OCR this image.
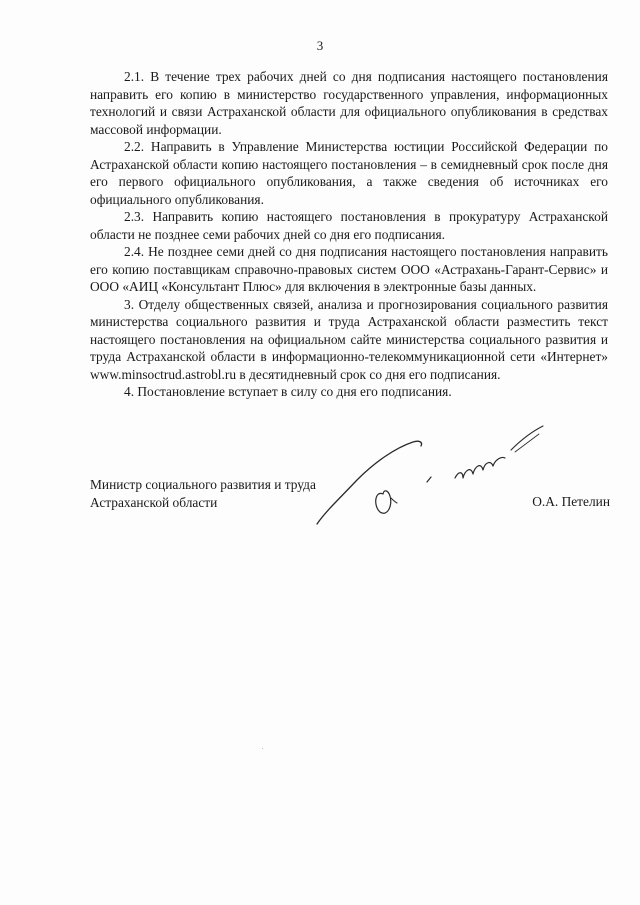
3

2.1. В течение трех рабочих дней со дня подписания настоящего постановления направить его копию в министерство государственного управления, информационных технологий и связи Астраханской области для официального опубликования в средствах массовой информации.

2.2. Направить в Управление Министерства юстиции Российской Федерации по Астраханской области копию настоящего постановления – в семидневный срок после дня его первого официального опубликования, а также сведения об источниках его официального опубликования.

2.3. Направить копию настоящего постановления в прокуратуру Астраханской области не позднее семи рабочих дней со дня его подписания.

2.4. Не позднее семи дней со дня подписания настоящего постановления направить его копию поставщикам справочно-правовых систем ООО «Астрахань-Гарант-Сервис» и ООО «АИЦ «Консультант Плюс» для включения в электронные базы данных.

3. Отделу общественных связей, анализа и прогнозирования социального развития министерства социального развития и труда Астраханской области разместить текст настоящего постановления на официальном сайте министерства социального развития и труда Астраханской области в информационно-телекоммуникационной сети «Интернет» www.minsoctrud.astrobl.ru в десятидневный срок со дня его подписания.

4. Постановление вступает в силу со дня его подписания.

Министр социального развития и труда Астраханской области	О.А. Петелин
